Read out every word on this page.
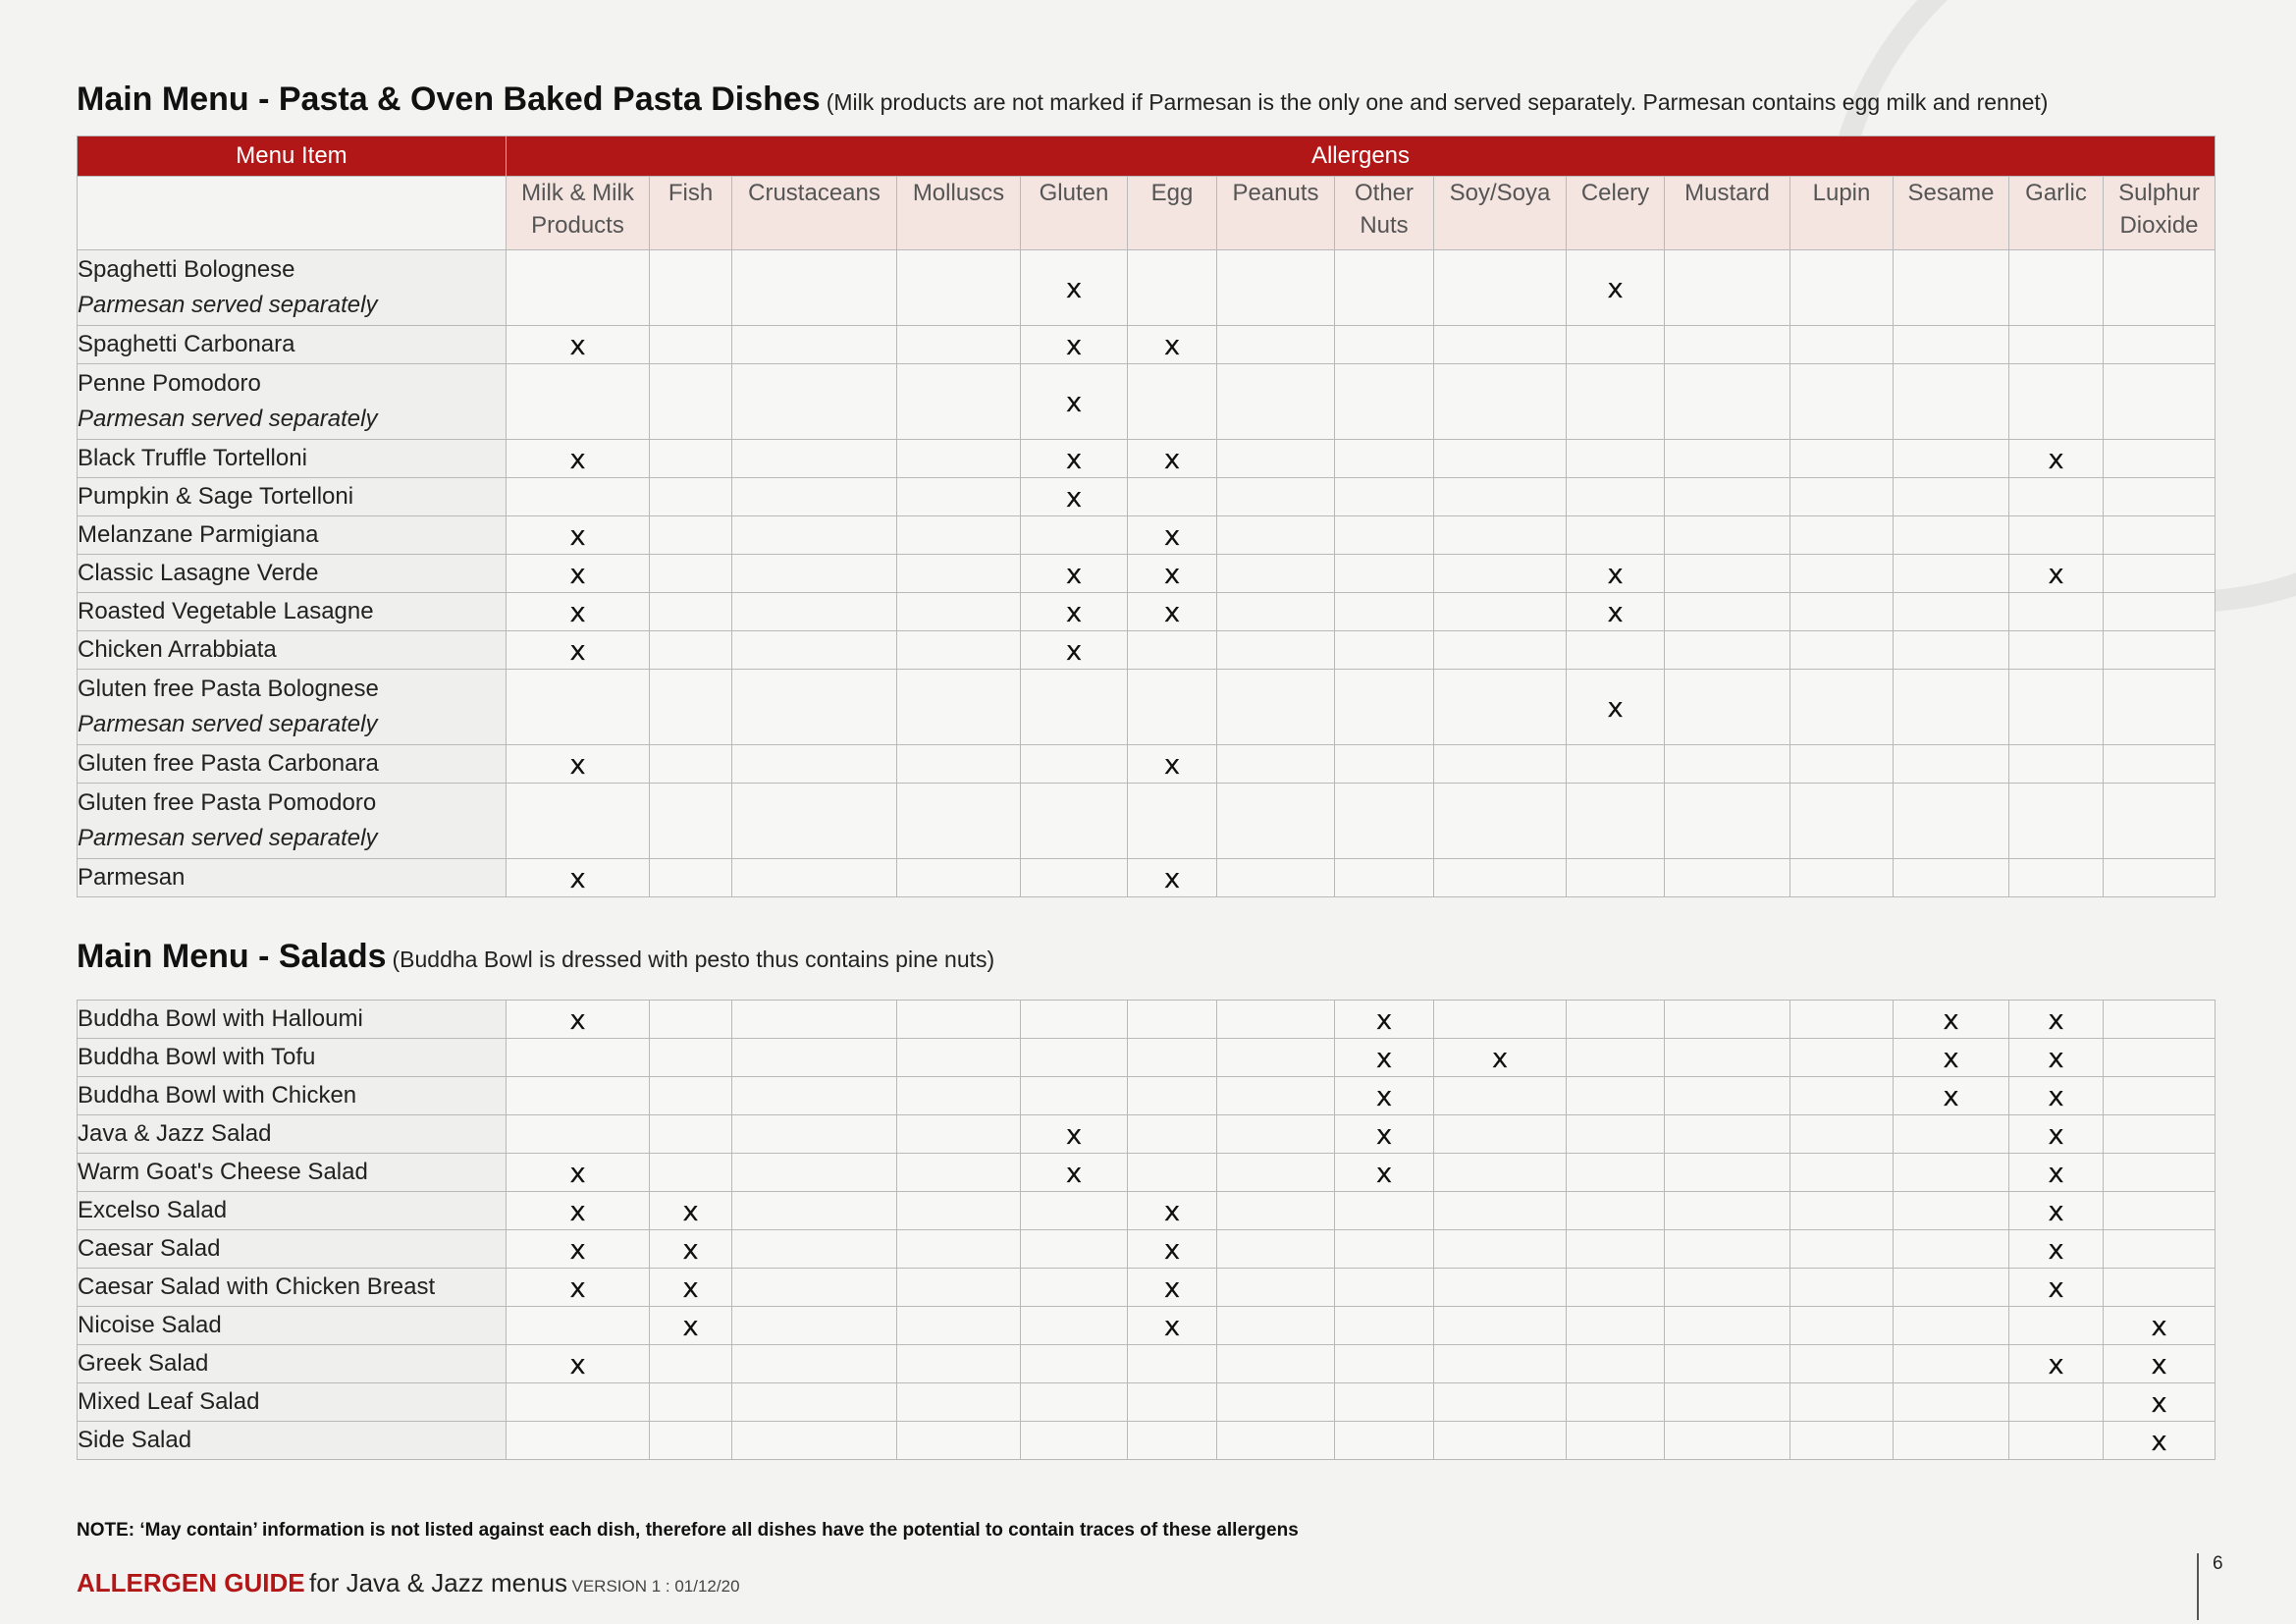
Main Menu - Pasta & Oven Baked Pasta Dishes (Milk products are not marked if Parmesan is the only one and served separately. Parmesan contains egg milk and rennet)
Menu Item	Allergens														
	Milk & Milk Products	Fish	Crustaceans	Molluscs	Gluten	Egg	Peanuts	Other Nuts	Soy/Soya	Celery	Mustard	Lupin	Sesame	Garlic	Sulphur Dioxide
Spaghetti Bolognese
Parmesan served separately					x					x					
Spaghetti Carbonara	x				x	x									
Penne Pomodoro
Parmesan served separately					x										
Black Truffle Tortelloni	x				x	x								x	
Pumpkin & Sage Tortelloni					x										
Melanzane Parmigiana	x					x									
Classic Lasagne Verde	x				x	x				x				x	
Roasted Vegetable Lasagne	x				x	x				x					
Chicken Arrabbiata	x				x										
Gluten free Pasta Bolognese
Parmesan served separately										x					
Gluten free Pasta Carbonara	x					x									
Gluten free Pasta Pomodoro
Parmesan served separately															

Parmesan	x					x									
Main Menu - Salads (Buddha Bowl is dressed with pesto thus contains pine nuts)
Buddha Bowl with Halloumi	x							x					x	x	
Buddha Bowl with Tofu								x	x				x	x	
Buddha Bowl with Chicken								x					x	x	
Java & Jazz Salad					x			x						x	
Warm Goat's Cheese Salad	x				x			x						x	
Excelso Salad	x	x				x								x	
Caesar Salad	x	x				x								x	
Caesar Salad with Chicken Breast	x	x				x								x	
Nicoise Salad		x				x									x
Greek Salad	x													x	x
Mixed Leaf Salad															x
Side Salad															x
NOTE: ‘May contain’ information is not listed against each dish, therefore all dishes have the potential to contain traces of these allergens
ALLERGEN GUIDE for Java & Jazz menus VERSION 1 : 01/12/20
6
